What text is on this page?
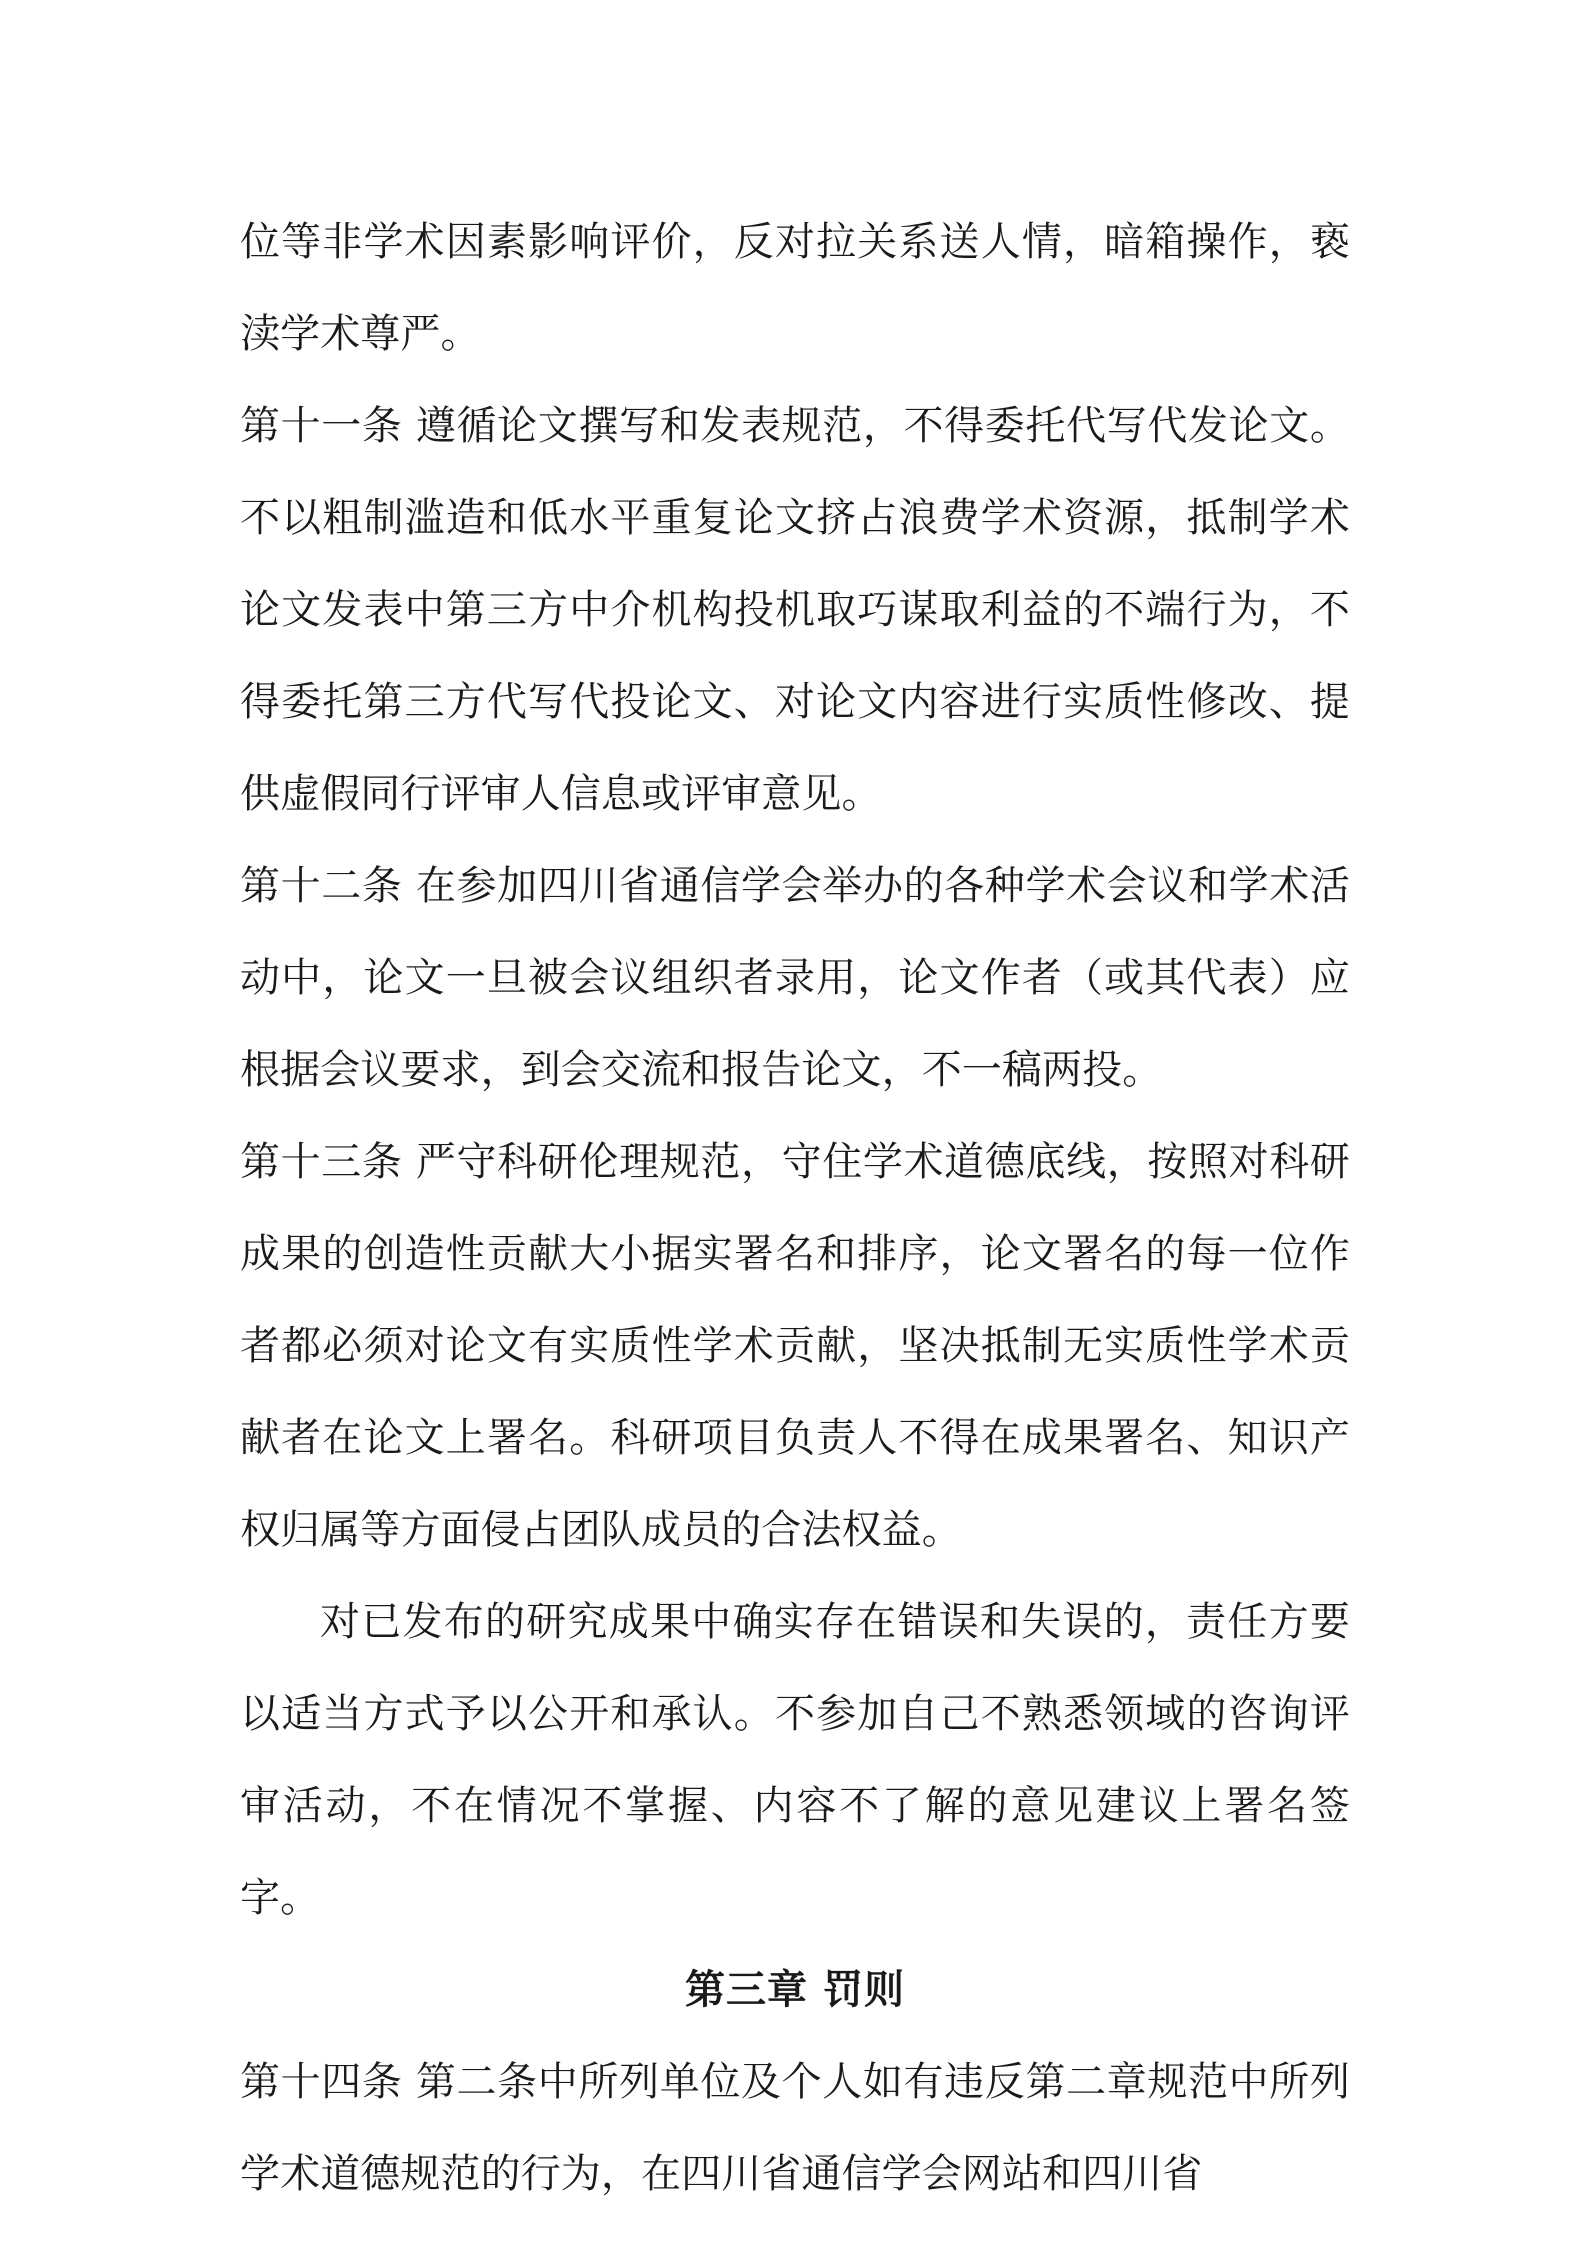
位等非学术因素影响评价，反对拉关系送人情，暗箱操作，亵渎学术尊严。

第十一条 遵循论文撰写和发表规范，不得委托代写代发论文。不以粗制滥造和低水平重复论文挤占浪费学术资源，抵制学术论文发表中第三方中介机构投机取巧谋取利益的不端行为，不得委托第三方代写代投论文、对论文内容进行实质性修改、提供虚假同行评审人信息或评审意见。

第十二条 在参加四川省通信学会举办的各种学术会议和学术活动中，论文一旦被会议组织者录用，论文作者（或其代表）应根据会议要求，到会交流和报告论文，不一稿两投。

第十三条 严守科研伦理规范，守住学术道德底线，按照对科研成果的创造性贡献大小据实署名和排序，论文署名的每一位作者都必须对论文有实质性学术贡献，坚决抵制无实质性学术贡献者在论文上署名。科研项目负责人不得在成果署名、知识产权归属等方面侵占团队成员的合法权益。

对已发布的研究成果中确实存在错误和失误的，责任方要以适当方式予以公开和承认。不参加自己不熟悉领域的咨询评审活动，不在情况不掌握、内容不了解的意见建议上署名签字。

第三章 罚则

第十四条 第二条中所列单位及个人如有违反第二章规范中所列学术道德规范的行为，在四川省通信学会网站和四川省
